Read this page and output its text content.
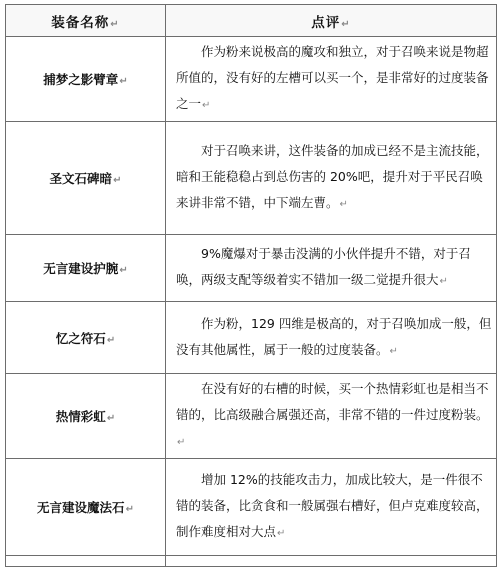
装备名称↵	点评↵
捕梦之影臂章↵	作为粉来说极高的魔攻和独立，对于召唤来说是物超所值的，没有好的左槽可以买一个，是非常好的过度装备之一↵

圣文石碑暗↵	对于召唤来讲，这件装备的加成已经不是主流技能，暗和王能稳稳占到总伤害的 20%吧，提升对于平民召唤来讲非常不错，中下端左曹。↵

无言建设护腕↵	9%魔爆对于暴击没满的小伙伴提升不错，对于召唤，两级支配等级着实不错加一级二觉提升很大↵

忆之符石↵	作为粉，129 四维是极高的，对于召唤加成一般，但没有其他属性，属于一般的过度装备。↵

热情彩虹↵	在没有好的右槽的时候，买一个热情彩虹也是相当不错的，比高级融合属强还高，非常不错的一件过度粉装。↵

无言建设魔法石↵	增加 12%的技能攻击力，加成比较大，是一件很不错的装备，比贪食和一般属强右槽好，但卢克难度较高，制作难度相对大点↵
